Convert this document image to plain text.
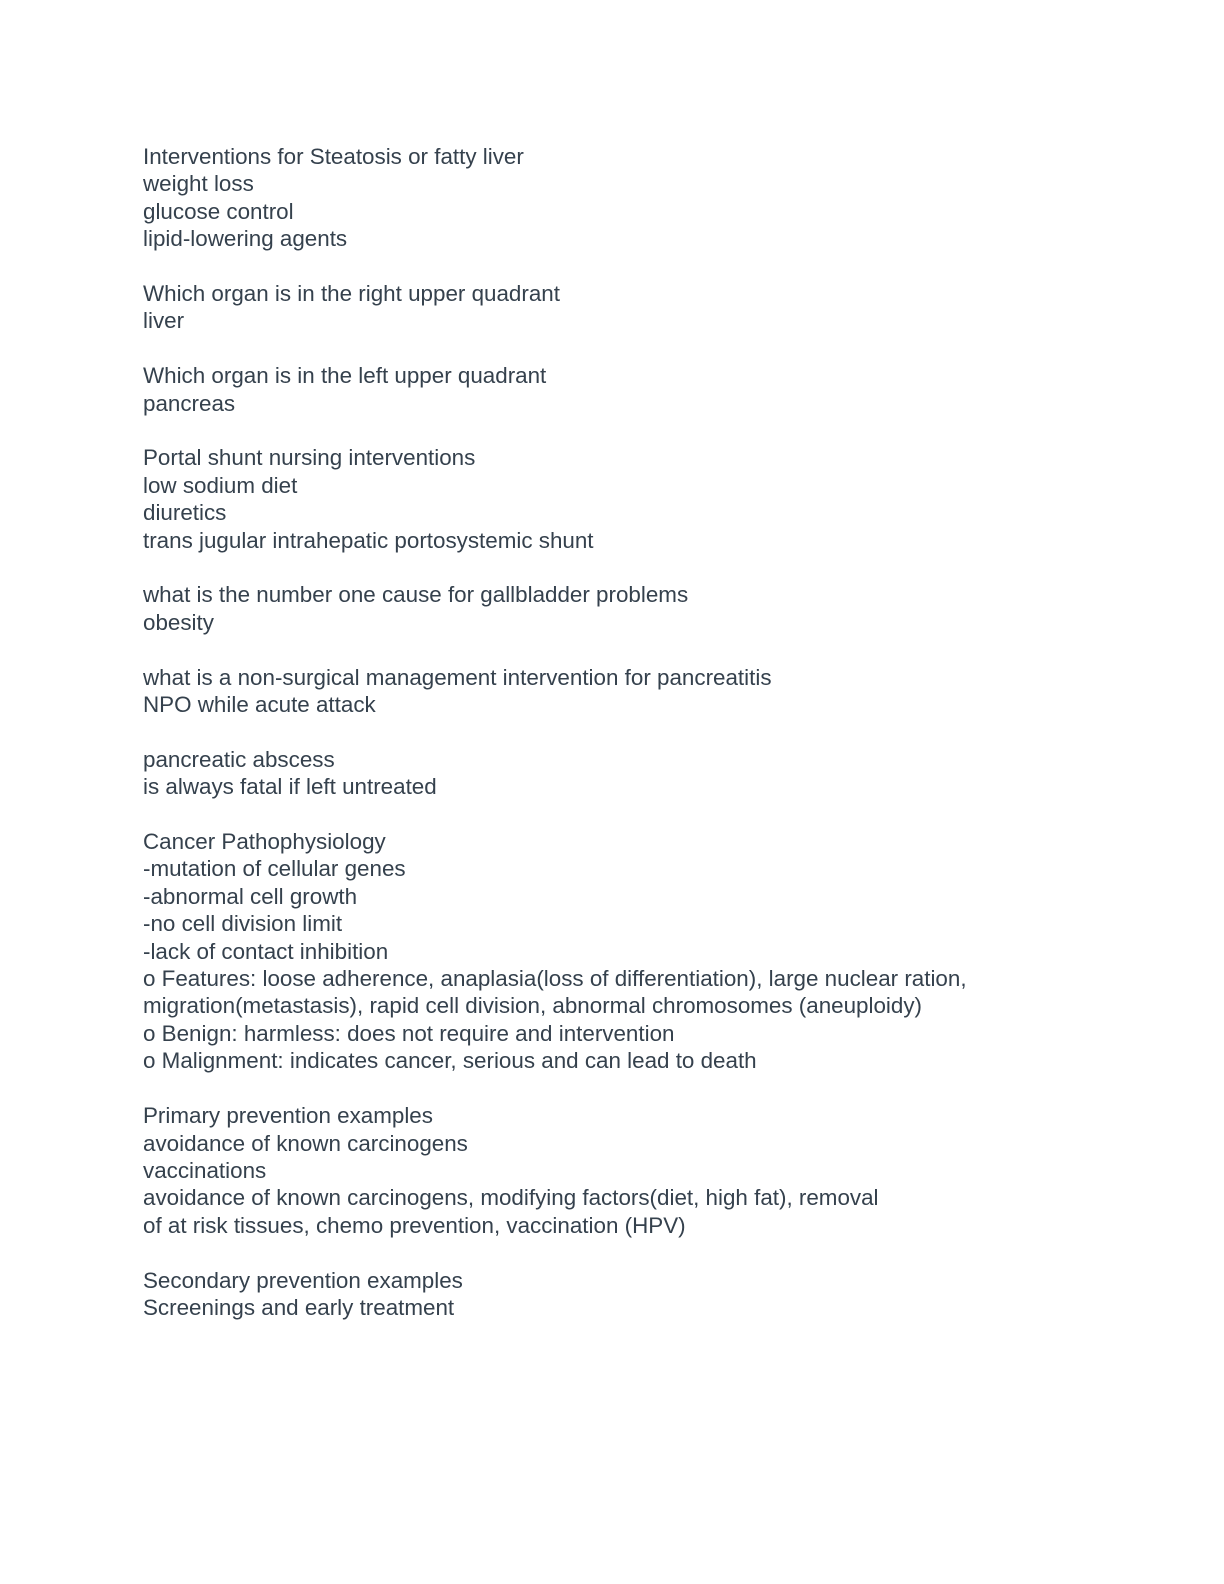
Interventions for Steatosis or fatty liver
weight loss
glucose control
lipid-lowering agents
Which organ is in the right upper quadrant
liver
Which organ is in the left upper quadrant
pancreas
Portal shunt nursing interventions
low sodium diet
diuretics
trans jugular intrahepatic portosystemic shunt
what is the number one cause for gallbladder problems
obesity
what is a non-surgical management intervention for pancreatitis
NPO while acute attack
pancreatic abscess
is always fatal if left untreated
Cancer Pathophysiology
-mutation of cellular genes
-abnormal cell growth
-no cell division limit
-lack of contact inhibition
o Features: loose adherence, anaplasia(loss of differentiation), large nuclear ration,
migration(metastasis), rapid cell division, abnormal chromosomes (aneuploidy)
o Benign: harmless: does not require and intervention
o Malignment: indicates cancer, serious and can lead to death
Primary prevention examples
avoidance of known carcinogens
vaccinations
avoidance of known carcinogens, modifying factors(diet, high fat), removal
of at risk tissues, chemo prevention, vaccination (HPV)
Secondary prevention examples
Screenings and early treatment
